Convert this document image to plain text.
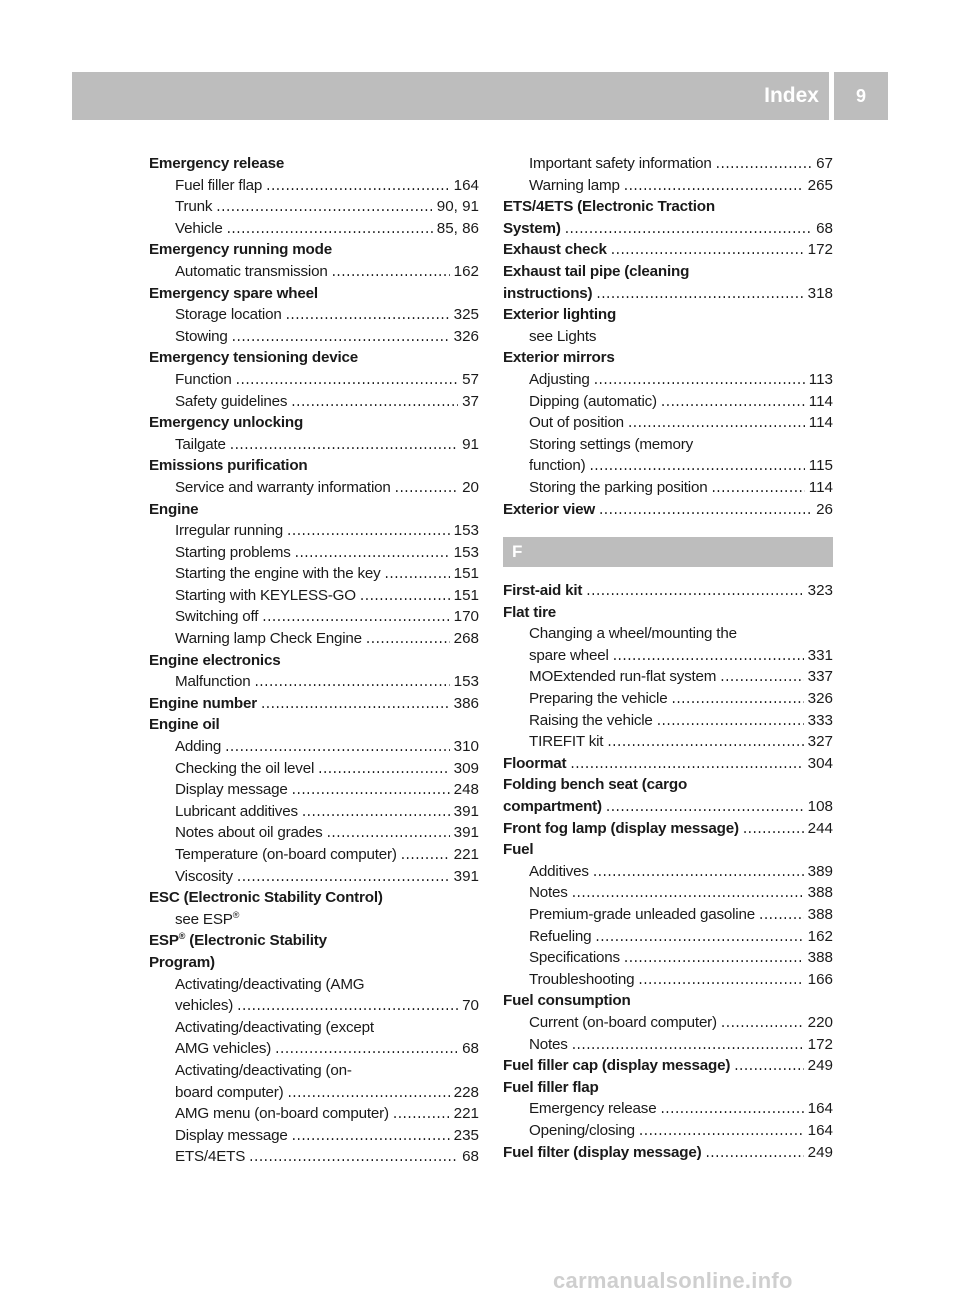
Index	9
Emergency release
Fuel filler flap .....	164
Trunk .....	90, 91
Vehicle .....	85, 86
Emergency running mode
Automatic transmission .....	162
Emergency spare wheel
Storage location .....	325
Stowing .....	326
Emergency tensioning device
Function .....	57
Safety guidelines .....	37
Emergency unlocking
Tailgate .....	91
Emissions purification
Service and warranty information .....	20
Engine
Irregular running .....	153
Starting problems .....	153
Starting the engine with the key .....	151
Starting with KEYLESS-GO .....	151
Switching off .....	170
Warning lamp Check Engine .....	268
Engine electronics
Malfunction .....	153
Engine number .....	386
Engine oil
Adding .....	310
Checking the oil level .....	309
Display message .....	248
Lubricant additives .....	391
Notes about oil grades .....	391
Temperature (on-board computer) .....	221
Viscosity .....	391
ESC (Electronic Stability Control)
see ESP®
ESP® (Electronic Stability
Program)
Activating/deactivating (AMG
vehicles) .....	70
Activating/deactivating (except
AMG vehicles) .....	68
Activating/deactivating (on-
board computer) .....	228
AMG menu (on-board computer) .....	221
Display message .....	235
ETS/4ETS .....	68
Important safety information .....	67
Warning lamp .....	265
ETS/4ETS (Electronic Traction
System) .....	68
Exhaust check .....	172
Exhaust tail pipe (cleaning
instructions) .....	318
Exterior lighting
see Lights
Exterior mirrors
Adjusting .....	113
Dipping (automatic) .....	114
Out of position .....	114
Storing settings (memory
function) .....	115
Storing the parking position .....	114
Exterior view .....	26
F
First-aid kit .....	323
Flat tire
Changing a wheel/mounting the
spare wheel .....	331
MOExtended run-flat system .....	337
Preparing the vehicle .....	326
Raising the vehicle .....	333
TIREFIT kit .....	327
Floormat .....	304
Folding bench seat (cargo
compartment) .....	108
Front fog lamp (display message) .....	244
Fuel
Additives .....	389
Notes .....	388
Premium-grade unleaded gasoline .....	388
Refueling .....	162
Specifications .....	388
Troubleshooting .....	166
Fuel consumption
Current (on-board computer) .....	220
Notes .....	172
Fuel filler cap (display message) .....	249
Fuel filler flap
Emergency release .....	164
Opening/closing .....	164
Fuel filter (display message) .....	249
carmanualsonline.info
